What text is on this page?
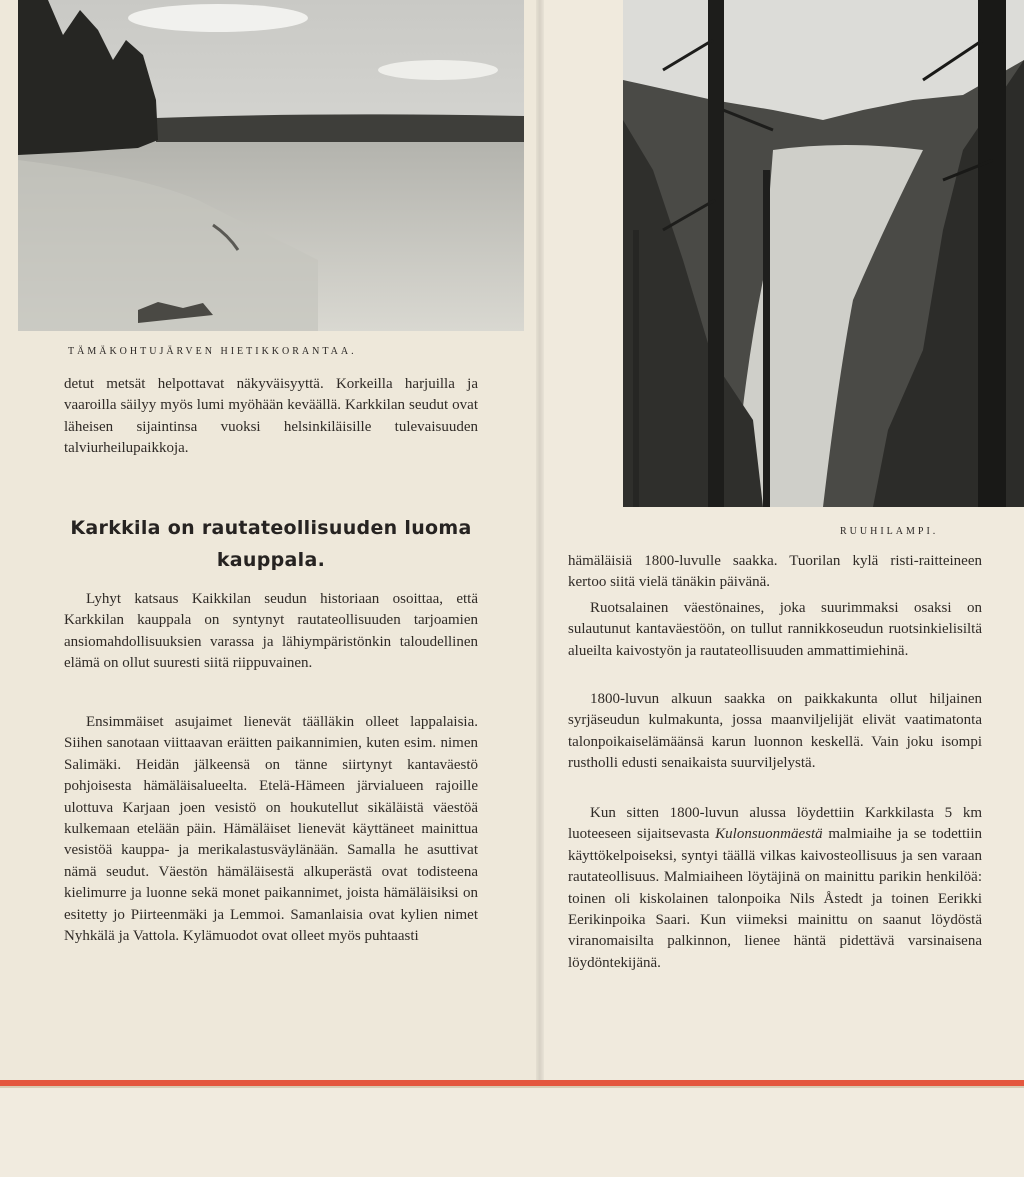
TÄMÄKOHTUJÄRVEN HIETIKKORANTAA.
RUUHILAMPI.

detut metsät helpottavat näkyväisyyttä. Korkeilla harjuilla ja vaaroilla säilyy myös lumi myöhään keväällä. Karkkilan seudut ovat läheisen sijaintinsa vuoksi helsinkiläisille tulevaisuuden talviurheilupaikkoja.

Karkkila on rautateollisuuden luoma kauppala.

Lyhyt katsaus Kaikkilan seudun historiaan osoittaa, että Karkkilan kauppala on syntynyt rautateollisuuden tarjoamien ansiomahdollisuuksien varassa ja lähiympäristönkin taloudellinen elämä on ollut suuresti siitä riippuvainen.

Ensimmäiset asujaimet lienevät täälläkin olleet lappalaisia. Siihen sanotaan viittaavan eräitten paikannimien, kuten esim. nimen Salimäki. Heidän jälkeensä on tänne siirtynyt kantaväestö pohjoisesta hämäläisalueelta. Etelä-Hämeen järvialueen rajoille ulottuva Karjaan joen vesistö on houkutellut sikäläistä väestöä kulkemaan etelään päin. Hämäläiset lienevät käyttäneet mainittua vesistöä kauppa- ja merikalastusväylänään. Samalla he asuttivat nämä seudut. Väestön hämäläisestä alkuperästä ovat todisteena kielimurre ja luonne sekä monet paikannimet, joista hämäläisiksi on esitetty jo Piirteenmäki ja Lemmoi. Samanlaisia ovat kylien nimet Nyhkälä ja Vattola. Kylämuodot ovat olleet myös puhtaasti

hämäläisiä 1800-luvulle saakka. Tuorilan kylä risti-raitteineen kertoo siitä vielä tänäkin päivänä.

Ruotsalainen väestönaines, joka suurimmaksi osaksi on sulautunut kantaväestöön, on tullut rannikkoseudun ruotsinkielisiltä alueilta kaivostyön ja rautateollisuuden ammattimiehinä.

1800-luvun alkuun saakka on paikkakunta ollut hiljainen syrjäseudun kulmakunta, jossa maanviljelijät elivät vaatimatonta talonpoikaiselämäänsä karun luonnon keskellä. Vain joku isompi rustholli edusti senaikaista suurviljelystä.

Kun sitten 1800-luvun alussa löydettiin Karkkilasta 5 km luoteeseen sijaitsevasta Kulonsuonmäestä malmiaihe ja se todettiin käyttökelpoiseksi, syntyi täällä vilkas kaivosteollisuus ja sen varaan rautateollisuus. Malmiaiheen löytäjinä on mainittu parikin henkilöä: toinen oli kiskolainen talonpoika Nils Åstedt ja toinen Eerikki Eerikinpoika Saari. Kun viimeksi mainittu on saanut löydöstä viranomaisilta palkinnon, lienee häntä pidettävä varsinaisena löydöntekijänä.
